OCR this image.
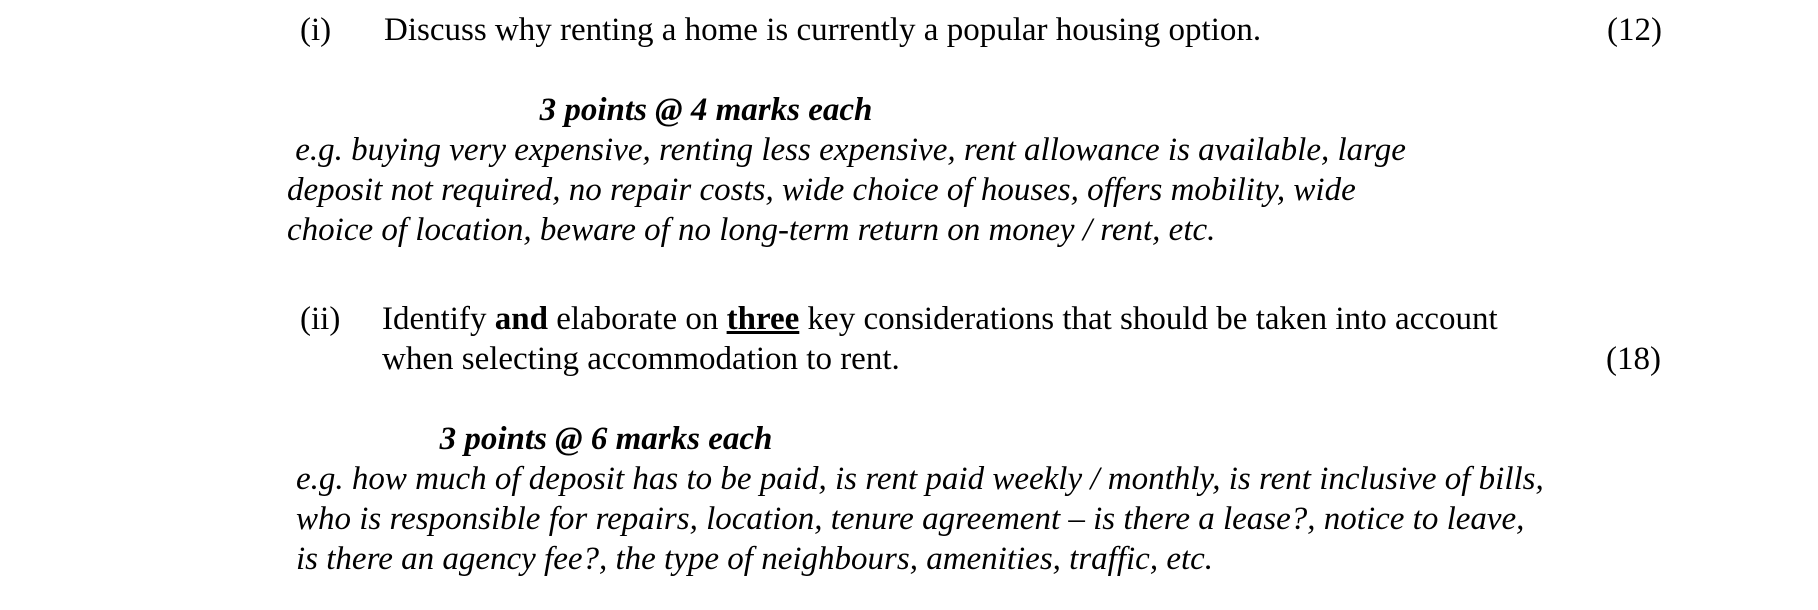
(i) Discuss why renting a home is currently a popular housing option.	(12)
3 points @ 4 marks each
e.g. buying very expensive, renting less expensive, rent allowance is available, large
deposit not required, no repair costs, wide choice of houses, offers mobility, wide
choice of location, beware of no long-term return on money / rent, etc.
(ii) Identify and elaborate on three key considerations that should be taken into account
when selecting accommodation to rent.	(18)
3 points @ 6 marks each
e.g. how much of deposit has to be paid, is rent paid weekly / monthly, is rent inclusive of bills,
who is responsible for repairs, location, tenure agreement – is there a lease?, notice to leave,
is there an agency fee?, the type of neighbours, amenities, traffic, etc.
